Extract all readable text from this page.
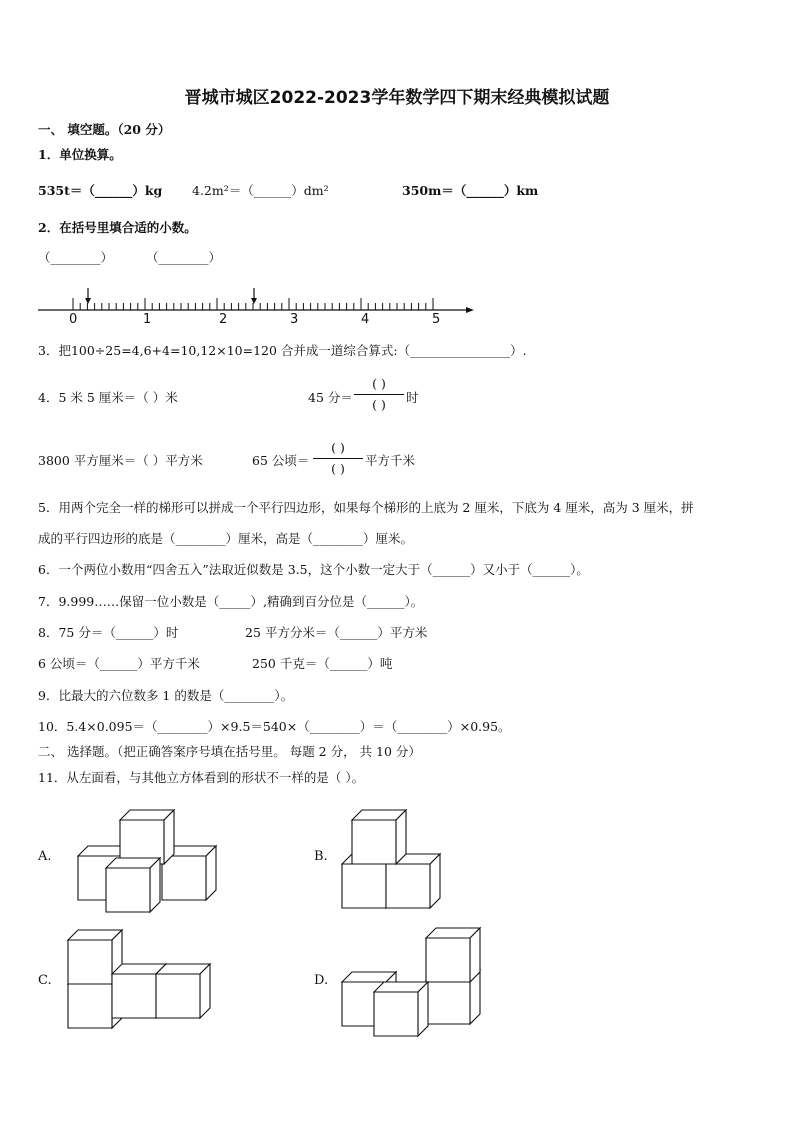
晋城市城区2022-2023学年数学四下期末经典模拟试题
一、 填空题。（20 分）
1．单位换算。
535t＝（______）kg 4.2m²＝（______）dm²	350m＝（______）km
2．在括号里填合适的小数。
（________）	（________）
0	1	2	3	4	5
3．把100÷25=4,6+4=10,12×10=120 合并成一道综合算式:（________________）.
4．5 米 5 厘米＝（ ）米	45 分＝
( )
( )	时
3800 平方厘米＝（ ）平方米	65 公顷＝
( )
( )
平方千米
5．用两个完全一样的梯形可以拼成一个平行四边形，如果每个梯形的上底为 2 厘米，下底为 4 厘米，高为 3 厘米，拼
成的平行四边形的底是（________）厘米，高是（________）厘米。
6．一个两位小数用“四舍五入”法取近似数是 3.5，这个小数一定大于（______）又小于（______）。
7．9.999……保留一位小数是（_____）,精确到百分位是（______）。
8．75 分＝（______）时	25 平方分米＝（______）平方米
6 公顷＝（______）平方千米	250 千克＝（______）吨
9．比最大的六位数多 1 的数是（________）。
10．5.4×0.095＝（________）×9.5＝540×（________）＝（________）×0.95。
二、 选择题。（把正确答案序号填在括号里。 每题 2 分， 共 10 分）
11．从左面看，与其他立方体看到的形状不一样的是（ ）。
A.	B.
C.	D.
